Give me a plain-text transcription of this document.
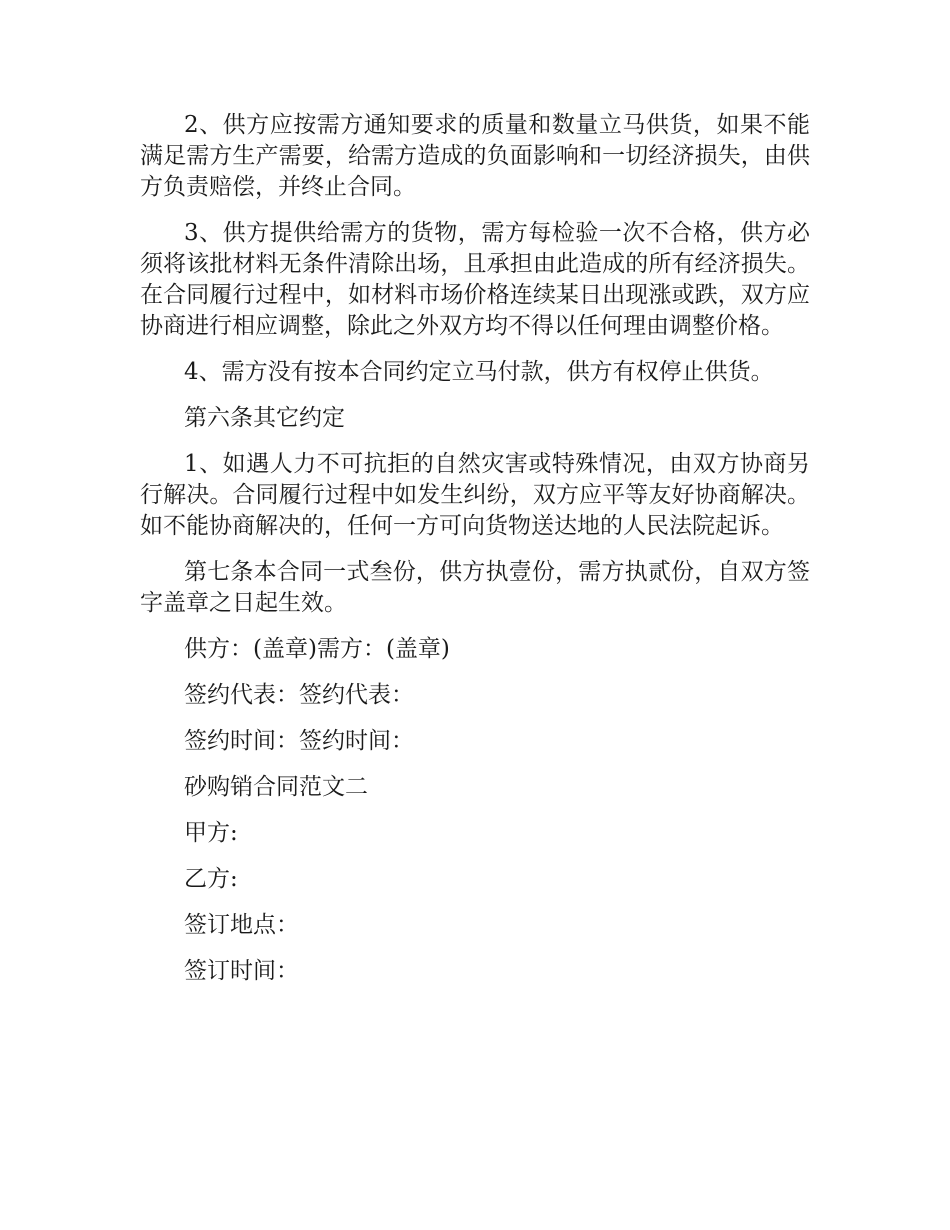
2、供方应按需方通知要求的质量和数量立马供货，如果不能满足需方生产需要，给需方造成的负面影响和一切经济损失，由供方负责赔偿，并终止合同。

3、供方提供给需方的货物，需方每检验一次不合格，供方必须将该批材料无条件清除出场，且承担由此造成的所有经济损失。在合同履行过程中，如材料市场价格连续某日出现涨或跌，双方应协商进行相应调整，除此之外双方均不得以任何理由调整价格。

4、需方没有按本合同约定立马付款，供方有权停止供货。

第六条其它约定

1、如遇人力不可抗拒的自然灾害或特殊情况，由双方协商另行解决。合同履行过程中如发生纠纷，双方应平等友好协商解决。如不能协商解决的，任何一方可向货物送达地的人民法院起诉。

第七条本合同一式叁份，供方执壹份，需方执贰份，自双方签字盖章之日起生效。

供方：(盖章)需方：(盖章)

签约代表：签约代表：

签约时间：签约时间：

砂购销合同范文二

甲方:

乙方:

签订地点：

签订时间：
